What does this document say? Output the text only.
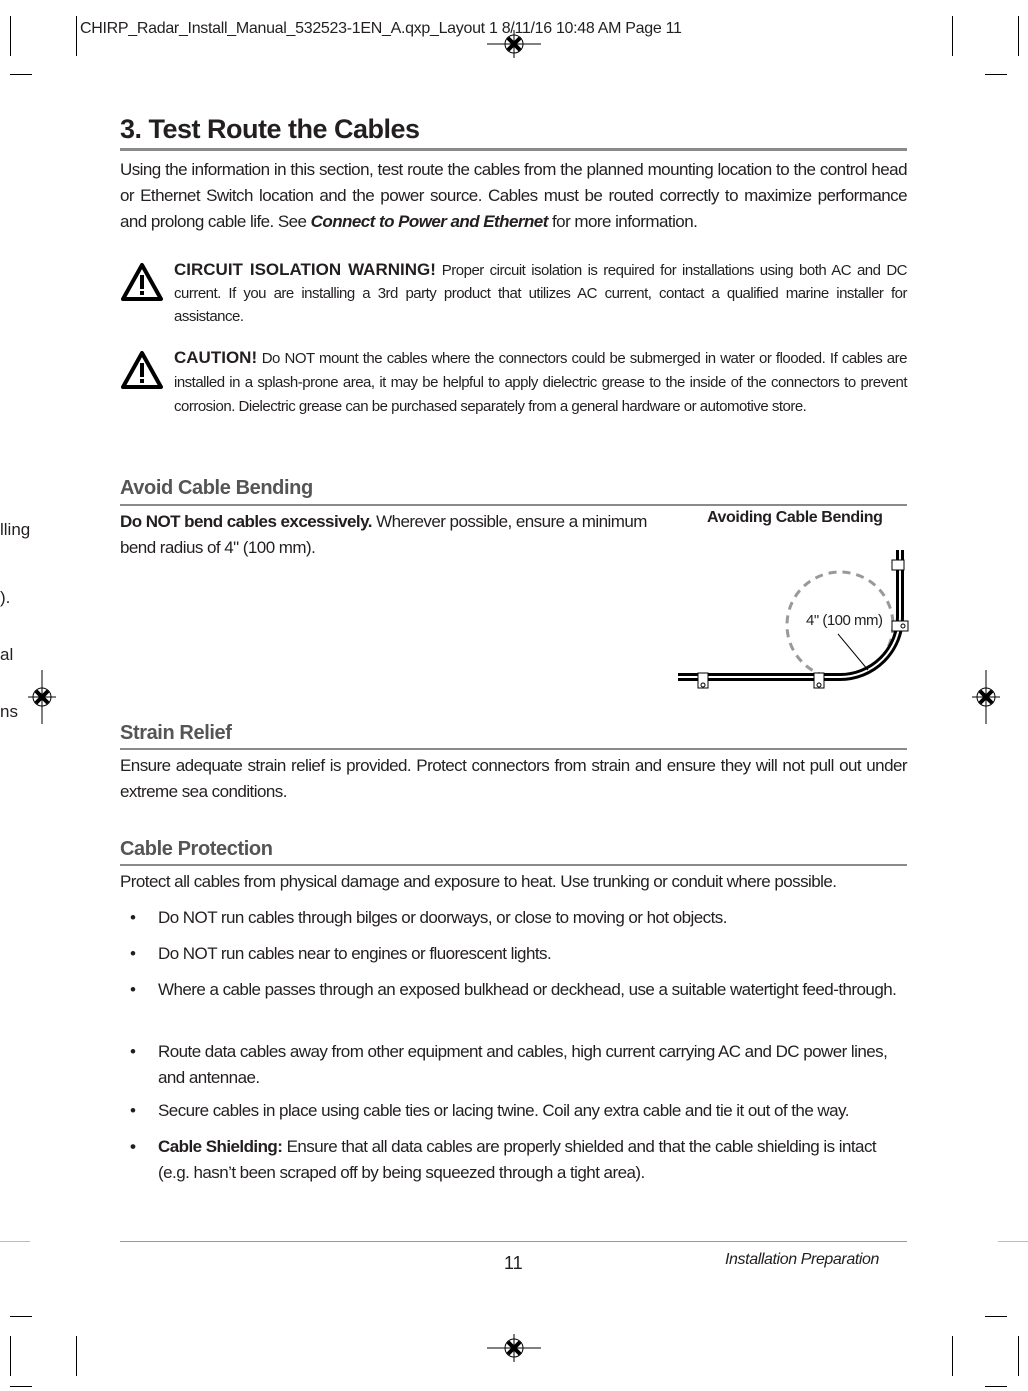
CHIRP_Radar_Install_Manual_532523-1EN_A.qxp_Layout 1 8/11/16 10:48 AM Page 11
lling
).
al
ns
3. Test Route the Cables
Using the information in this section, test route the cables from the planned mounting location to the control head or Ethernet Switch location and the power source. Cables must be routed correctly to maximize performance and prolong cable life. See Connect to Power and Ethernet for more information.
CIRCUIT ISOLATION WARNING! Proper circuit isolation is required for installations using both AC and DC current. If you are installing a 3rd party product that utilizes AC current, contact a qualified marine installer for assistance.
CAUTION! Do NOT mount the cables where the connectors could be submerged in water or flooded. If cables are installed in a splash-prone area, it may be helpful to apply dielectric grease to the inside of the connectors to prevent corrosion. Dielectric grease can be purchased separately from a general hardware or automotive store.
Avoid Cable Bending
Do NOT bend cables excessively. Wherever possible, ensure a minimum bend radius of 4" (100 mm).
Avoiding Cable Bending
4" (100 mm)
Strain Relief
Ensure adequate strain relief is provided. Protect connectors from strain and ensure they will not pull out under extreme sea conditions.
Cable Protection
Protect all cables from physical damage and exposure to heat. Use trunking or conduit where possible.
• Do NOT run cables through bilges or doorways, or close to moving or hot objects.
• Do NOT run cables near to engines or fluorescent lights.
• Where a cable passes through an exposed bulkhead or deckhead, use a suitable watertight feed-through.
• Route data cables away from other equipment and cables, high current carrying AC and DC power lines, and antennae.
• Secure cables in place using cable ties or lacing twine. Coil any extra cable and tie it out of the way.
• Cable Shielding: Ensure that all data cables are properly shielded and that the cable shielding is intact (e.g. hasn’t been scraped off by being squeezed through a tight area).
11	Installation Preparation
